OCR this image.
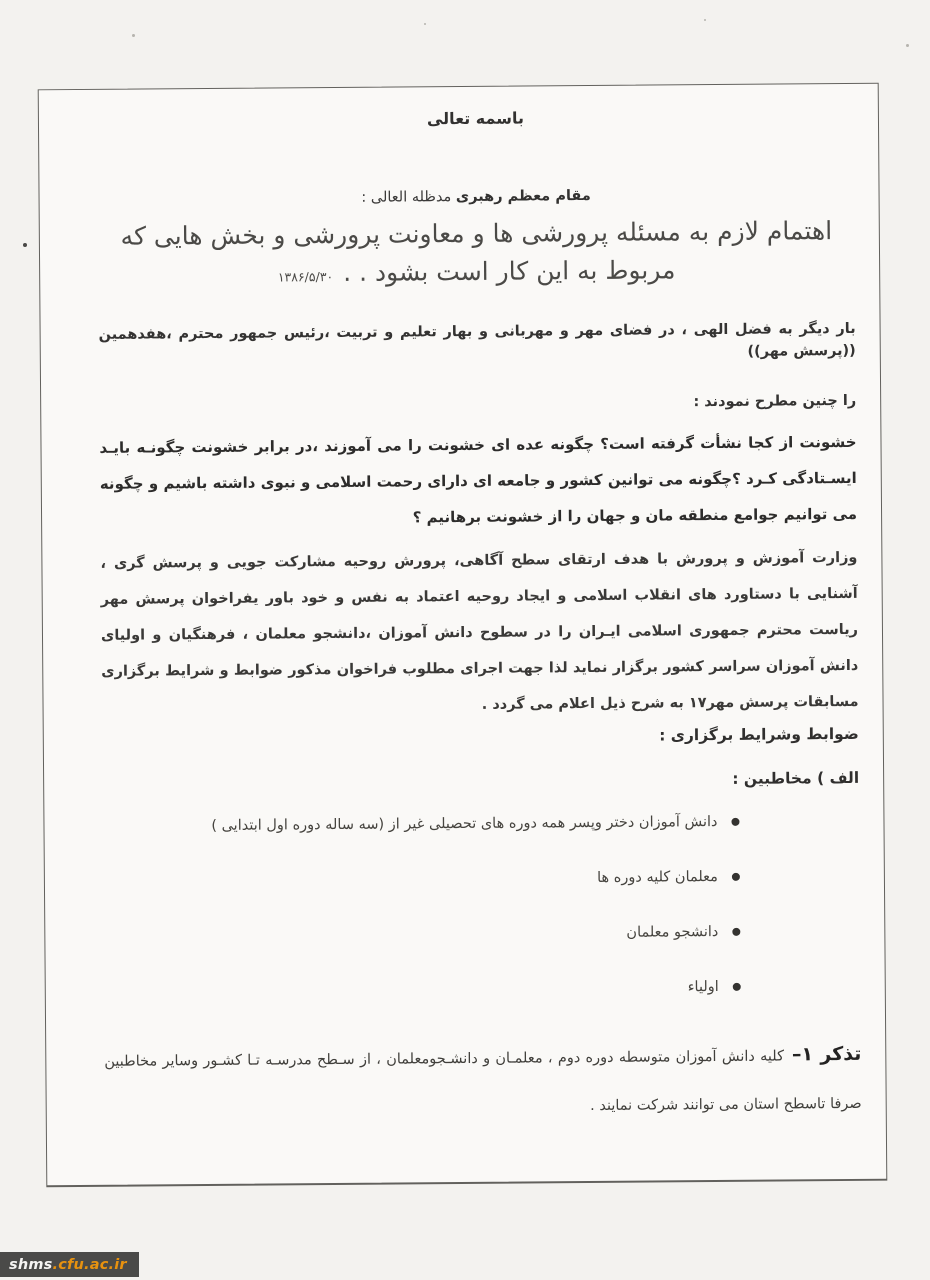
باسمه تعالی
مقام معظم رهبری مدظله العالی :
اهتمام لازم به مسئله پرورشی ها و معاونت پرورشی و بخش هایی که
مربوط به این کار است بشود . .۱۳۸۶/۵/۳۰

بار دیگر به فضل الهی ، در فضای مهر و مهربانی و بهار تعلیم و تربیت ،رئیس جمهور محترم ،هفدهمین ((پرسش مهر))

را چنین مطرح نمودند :

خشونت از کجا نشأت گرفته است؟ چگونه عده ای خشونت را می آموزند ،در برابر خشونت چگونـه بایـد ایسـتادگی کـرد ؟چگونه می توانین کشور و جامعه ای دارای رحمت اسلامی و نبوی داشته باشیم و چگونه می توانیم جوامع منطقه مان و جهان را از خشونت برهانیم ؟

وزارت آموزش و پرورش با هدف ارتقای سطح آگاهی، پرورش روحیه مشارکت جویی و پرسش گری ، آشنایی با دستاورد های انقلاب اسلامی و ایجاد روحیه اعتماد به نفس و خود باور یفراخوان پرسش مهر ریاست محترم جمهوری اسلامی ایـران را در سطوح دانش آموزان ،دانشجو معلمان ، فرهنگیان و اولیای دانش آموزان سراسر کشور برگزار نماید لذا جهت اجرای مطلوب فراخوان مذکور ضوابط و شرایط برگزاری مسابقات پرسش مهر۱۷ به شرح ذیل اعلام می گردد .

ضوابط وشرایط برگزاری :
الف ) مخاطبین :
دانش آموزان دختر وپسر همه دوره های تحصیلی غیر از (سه ساله دوره اول ابتدایی )
معلمان کلیه دوره ها
دانشجو معلمان
اولیاء

تذکر ۱–کلیه دانش آموزان متوسطه دوره دوم ، معلمـان و دانشـجومعلمان ، از سـطح مدرسـه تـا کشـور وسایر مخاطبین صرفا تاسطح استان می توانند شرکت نمایند .

shms .cfu.ac.ir
